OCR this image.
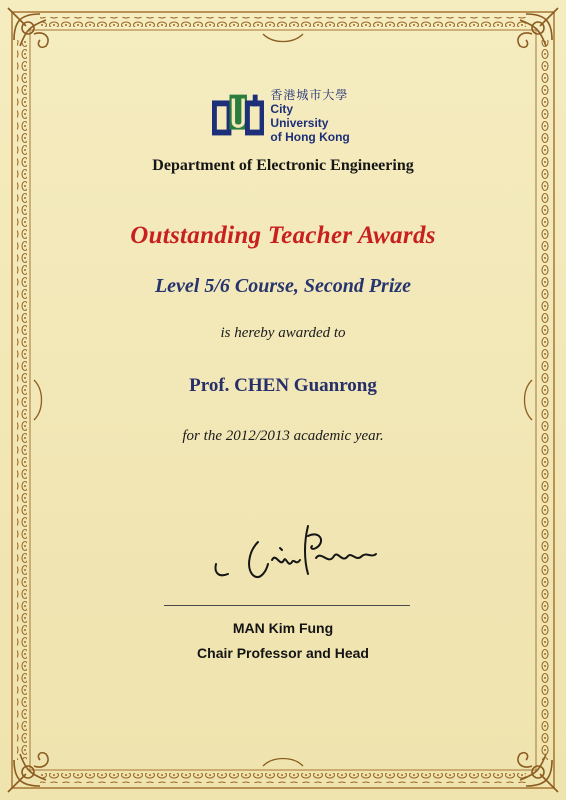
香港城市大學
City University
of Hong Kong
Department of Electronic Engineering
Outstanding Teacher Awards
Level 5/6 Course, Second Prize
is hereby awarded to
Prof. CHEN Guanrong
for the 2012/2013 academic year.
MAN Kim Fung
Chair Professor and Head
